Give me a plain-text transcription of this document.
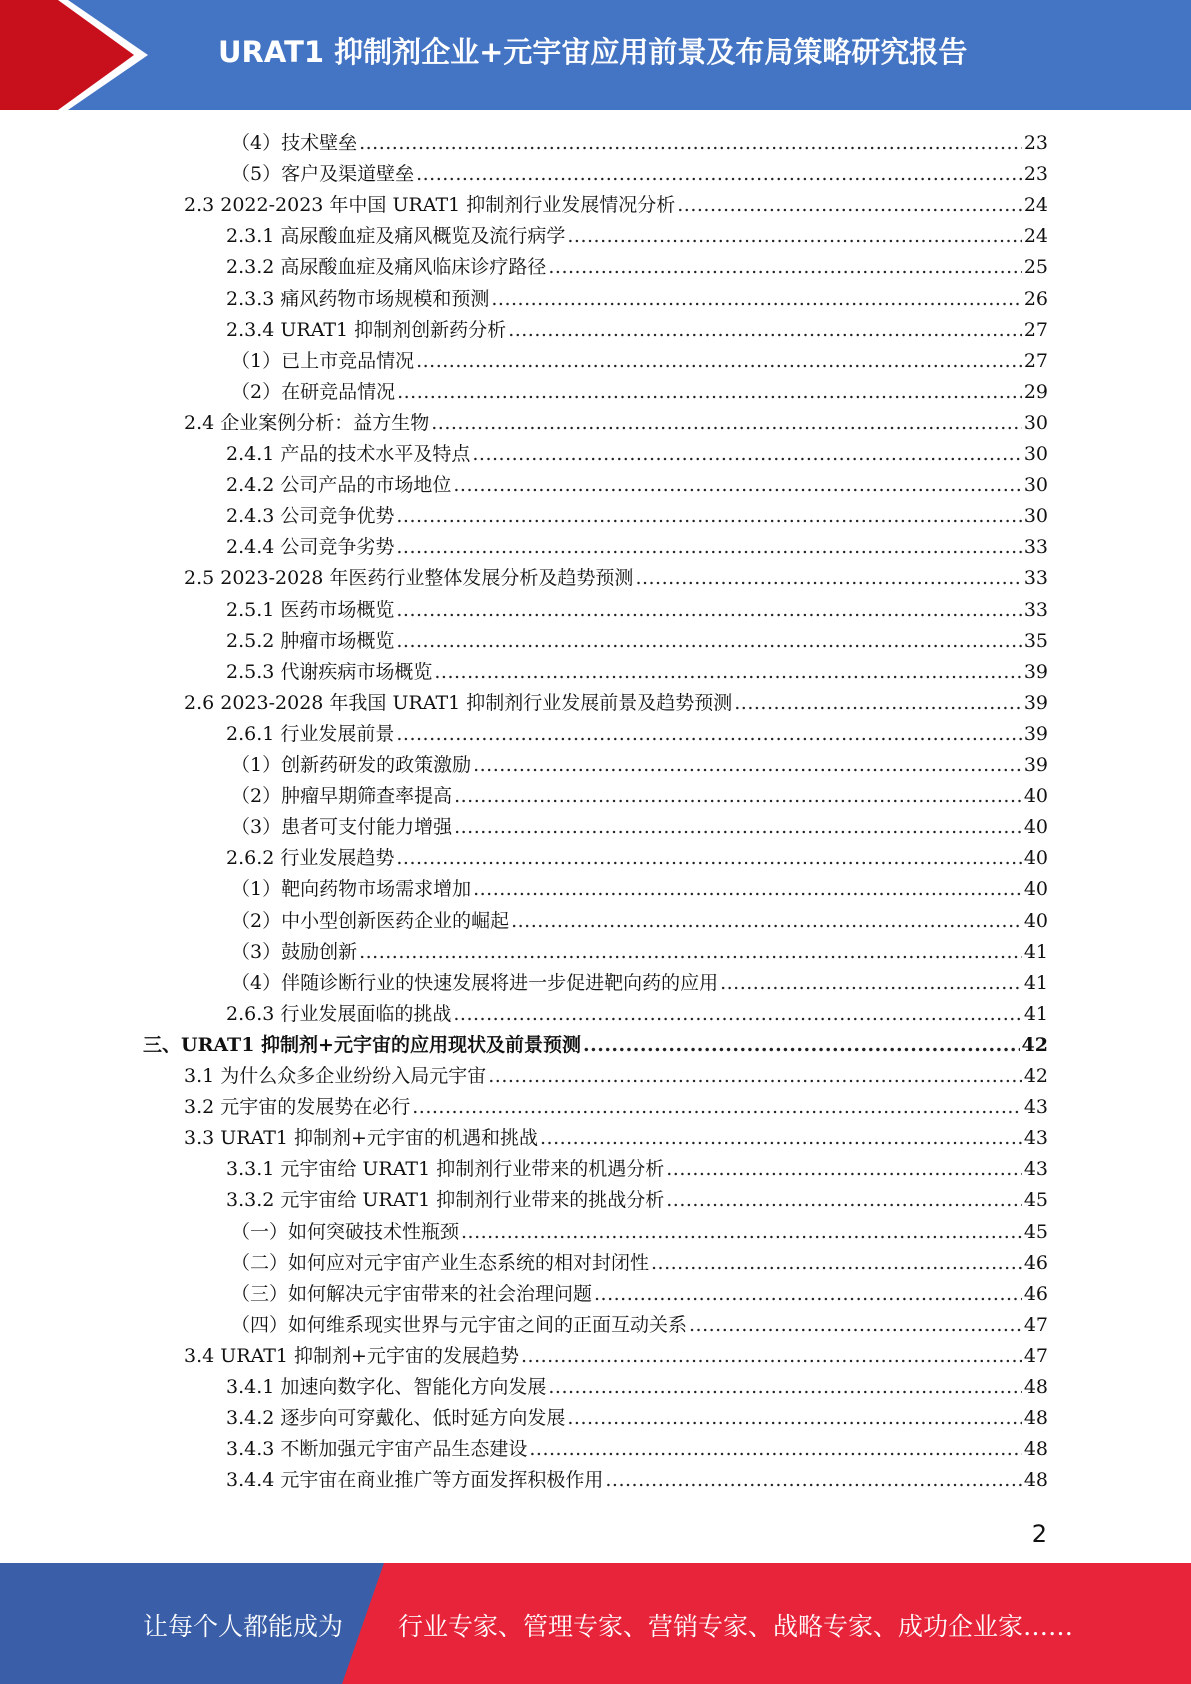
URAT1 抑制剂企业+元宇宙应用前景及布局策略研究报告
（4）技术壁垒 .....	23
（5）客户及渠道壁垒 .....	23
2.3 2022-2023 年中国 URAT1 抑制剂行业发展情况分析 .....	24
2.3.1 高尿酸血症及痛风概览及流行病学 .....	24
2.3.2 高尿酸血症及痛风临床诊疗路径 .....	25
2.3.3 痛风药物市场规模和预测 .....	26
2.3.4 URAT1 抑制剂创新药分析 .....	27
（1）已上市竞品情况 .....	27
（2）在研竞品情况 .....	29
2.4 企业案例分析：益方生物 .....	30
2.4.1 产品的技术水平及特点 .....	30
2.4.2 公司产品的市场地位 .....	30
2.4.3 公司竞争优势 .....	30
2.4.4 公司竞争劣势 .....	33
2.5 2023-2028 年医药行业整体发展分析及趋势预测 .....	33
2.5.1 医药市场概览 .....	33
2.5.2 肿瘤市场概览 .....	35
2.5.3 代谢疾病市场概览 .....	39
2.6 2023-2028 年我国 URAT1 抑制剂行业发展前景及趋势预测 .....	39
2.6.1 行业发展前景 .....	39
（1）创新药研发的政策激励 .....	39
（2）肿瘤早期筛查率提高 .....	40
（3）患者可支付能力增强 .....	40
2.6.2 行业发展趋势 .....	40
（1）靶向药物市场需求增加 .....	40
（2）中小型创新医药企业的崛起 .....	40
（3）鼓励创新 .....	41
（4）伴随诊断行业的快速发展将进一步促进靶向药的应用 .....	41
2.6.3 行业发展面临的挑战 .....	41
三、URAT1 抑制剂+元宇宙的应用现状及前景预测 .....	42
3.1 为什么众多企业纷纷入局元宇宙 .....	42
3.2 元宇宙的发展势在必行 .....	43
3.3 URAT1 抑制剂+元宇宙的机遇和挑战 .....	43
3.3.1 元宇宙给 URAT1 抑制剂行业带来的机遇分析 .....	43
3.3.2 元宇宙给 URAT1 抑制剂行业带来的挑战分析 .....	45
（一）如何突破技术性瓶颈 .....	45
（二）如何应对元宇宙产业生态系统的相对封闭性 .....	46
（三）如何解决元宇宙带来的社会治理问题 .....	46
（四）如何维系现实世界与元宇宙之间的正面互动关系 .....	47
3.4 URAT1 抑制剂+元宇宙的发展趋势 .....	47
3.4.1 加速向数字化、智能化方向发展 .....	48
3.4.2 逐步向可穿戴化、低时延方向发展 .....	48
3.4.3 不断加强元宇宙产品生态建设 .....	48
3.4.4 元宇宙在商业推广等方面发挥积极作用 .....	48
2
让每个人都能成为 行业专家、管理专家、营销专家、战略专家、成功企业家……
